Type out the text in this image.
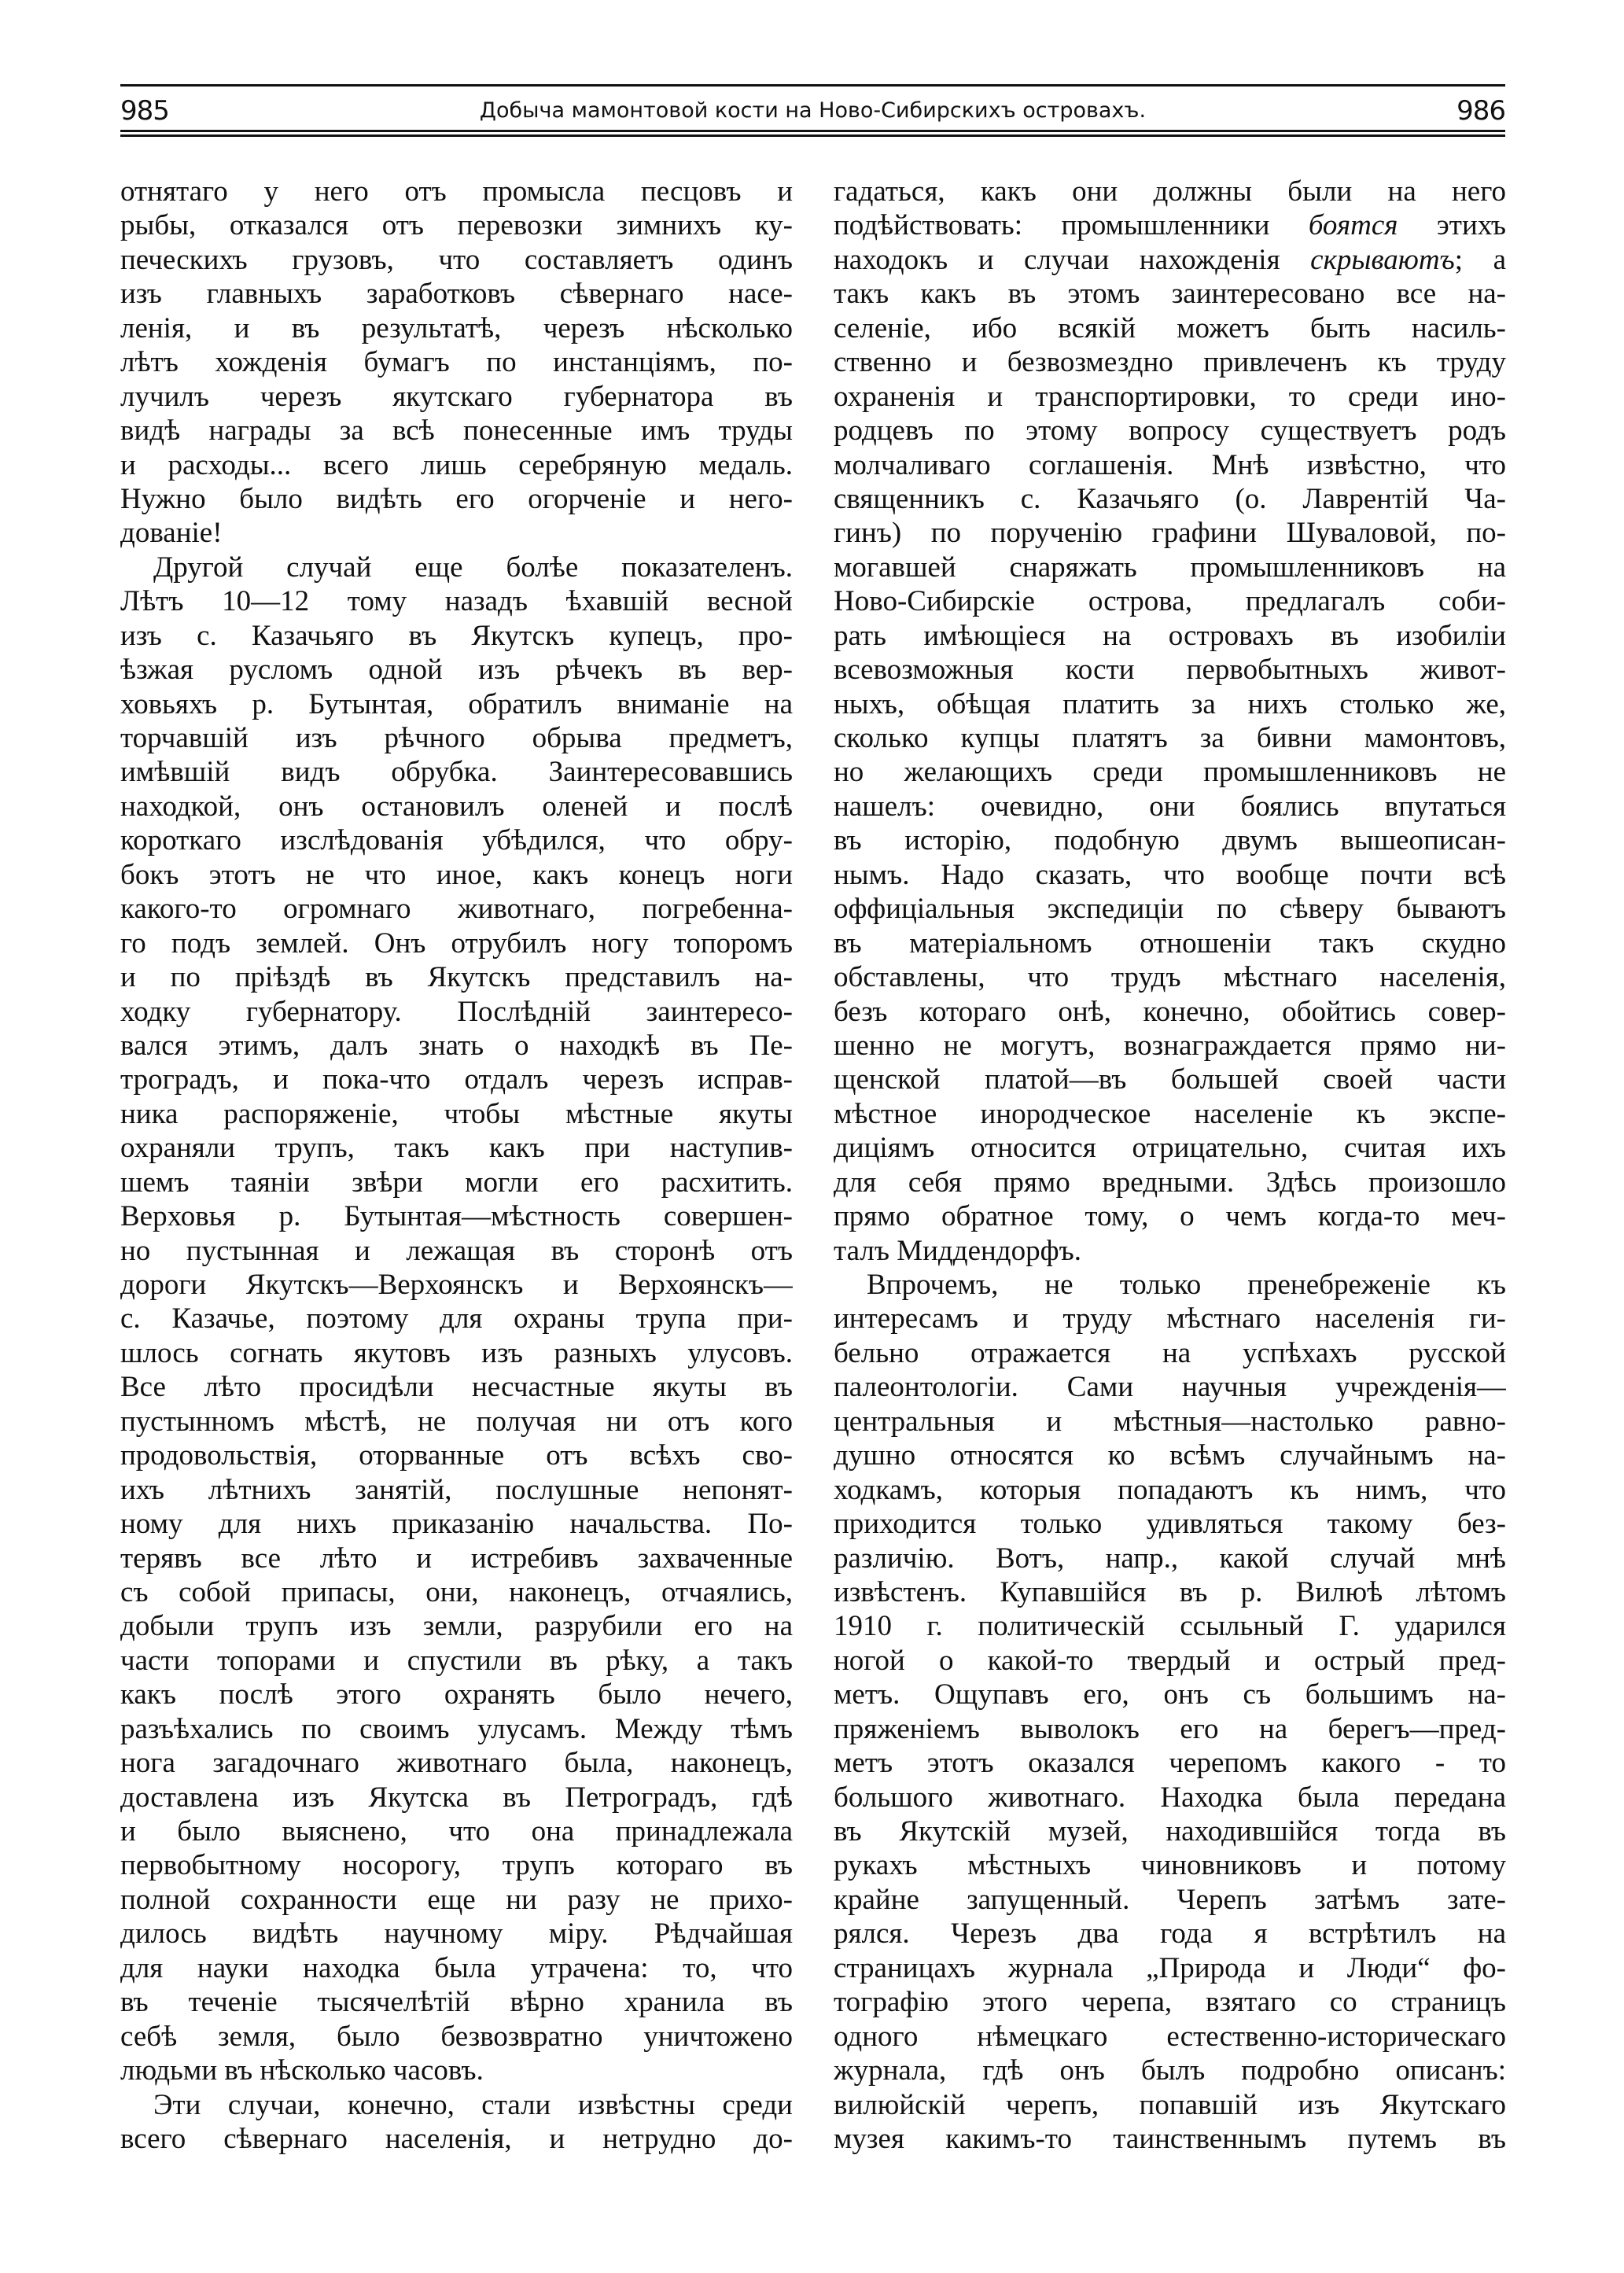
985	Добыча мамонтовой кости на Ново-Сибирскихъ островахъ.	986
отнятаго у него отъ промысла песцовъ и
рыбы, отказался отъ перевозки зимнихъ ку-
печескихъ грузовъ, что составляетъ одинъ
изъ главныхъ заработковъ сѣвернаго насе-
ленія, и въ результатѣ, черезъ нѣсколько
лѣтъ хожденія бумагъ по инстанціямъ, по-
лучилъ черезъ якутскаго губернатора въ
видѣ награды за всѣ понесенные имъ труды
и расходы... всего лишь серебряную медаль.
Нужно было видѣть его огорченіе и него-
дованіе!
Другой случай еще болѣе показателенъ.
Лѣтъ 10—12 тому назадъ ѣхавшій весной
изъ с. Казачьяго въ Якутскъ купецъ, про-
ѣзжая русломъ одной изъ рѣчекъ въ вер-
ховьяхъ р. Бутынтая, обратилъ вниманіе на
торчавшій изъ рѣчного обрыва предметъ,
имѣвшій видъ обрубка. Заинтересовавшись
находкой, онъ остановилъ оленей и послѣ
короткаго изслѣдованія убѣдился, что обру-
бокъ этотъ не что иное, какъ конецъ ноги
какого-то огромнаго животнаго, погребенна-
го подъ землей. Онъ отрубилъ ногу топоромъ
и по пріѣздѣ въ Якутскъ представилъ на-
ходку губернатору. Послѣдній заинтересо-
вался этимъ, далъ знать о находкѣ въ Пе-
троградъ, и пока-что отдалъ черезъ исправ-
ника распоряженіе, чтобы мѣстные якуты
охраняли трупъ, такъ какъ при наступив-
шемъ таяніи звѣри могли его расхитить.
Верховья р. Бутынтая—мѣстность совершен-
но пустынная и лежащая въ сторонѣ отъ
дороги Якутскъ—Верхоянскъ и Верхоянскъ—
с. Казачье, поэтому для охраны трупа при-
шлось согнать якутовъ изъ разныхъ улусовъ.
Все лѣто просидѣли несчастные якуты въ
пустынномъ мѣстѣ, не получая ни отъ кого
продовольствія, оторванные отъ всѣхъ сво-
ихъ лѣтнихъ занятій, послушные непонят-
ному для нихъ приказанію начальства. По-
терявъ все лѣто и истребивъ захваченные
съ собой припасы, они, наконецъ, отчаялись,
добыли трупъ изъ земли, разрубили его на
части топорами и спустили въ рѣку, а такъ
какъ послѣ этого охранять было нечего,
разъѣхались по своимъ улусамъ. Между тѣмъ
нога загадочнаго животнаго была, наконецъ,
доставлена изъ Якутска въ Петроградъ, гдѣ
и было выяснено, что она принадлежала
первобытному носорогу, трупъ котораго въ
полной сохранности еще ни разу не прихо-
дилось видѣть научному міру. Рѣдчайшая
для науки находка была утрачена: то, что
въ теченіе тысячелѣтій вѣрно хранила въ
себѣ земля, было безвозвратно уничтожено
людьми въ нѣсколько часовъ.
Эти случаи, конечно, стали извѣстны среди
всего сѣвернаго населенія, и нетрудно до-
гадаться, какъ они должны были на него
подѣйствовать: промышленники боятся этихъ
находокъ и случаи нахожденія скрываютъ; а
такъ какъ въ этомъ заинтересовано все на-
селеніе, ибо всякій можетъ быть насиль-
ственно и безвозмездно привлеченъ къ труду
охраненія и транспортировки, то среди ино-
родцевъ по этому вопросу существуетъ родъ
молчаливаго соглашенія. Мнѣ извѣстно, что
священникъ с. Казачьяго (о. Лаврентій Ча-
гинъ) по порученію графини Шуваловой, по-
могавшей снаряжать промышленниковъ на
Ново-Сибирскіе острова, предлагалъ соби-
рать имѣющіеся на островахъ въ изобиліи
всевозможныя кости первобытныхъ живот-
ныхъ, обѣщая платить за нихъ столько же,
сколько купцы платятъ за бивни мамонтовъ,
но желающихъ среди промышленниковъ не
нашелъ: очевидно, они боялись впутаться
въ исторію, подобную двумъ вышеописан-
нымъ. Надо сказать, что вообще почти всѣ
оффиціальныя экспедиціи по сѣверу бываютъ
въ матеріальномъ отношеніи такъ скудно
обставлены, что трудъ мѣстнаго населенія,
безъ котораго онѣ, конечно, обойтись совер-
шенно не могутъ, вознаграждается прямо ни-
щенской платой—въ большей своей части
мѣстное инородческое населеніе къ экспе-
диціямъ относится отрицательно, считая ихъ
для себя прямо вредными. Здѣсь произошло
прямо обратное тому, о чемъ когда-то меч-
талъ Миддендорфъ.
Впрочемъ, не только пренебреженіе къ
интересамъ и труду мѣстнаго населенія ги-
бельно отражается на успѣхахъ русской
палеонтологіи. Сами научныя учрежденія—
центральныя и мѣстныя—настолько равно-
душно относятся ко всѣмъ случайнымъ на-
ходкамъ, которыя попадаютъ къ нимъ, что
приходится только удивляться такому без-
различію. Вотъ, напр., какой случай мнѣ
извѣстенъ. Купавшійся въ р. Вилюѣ лѣтомъ
1910 г. политическій ссыльный Г. ударился
ногой о какой-то твердый и острый пред-
метъ. Ощупавъ его, онъ съ большимъ на-
пряженіемъ выволокъ его на берегъ—пред-
метъ этотъ оказался черепомъ какого - то
большого животнаго. Находка была передана
въ Якутскій музей, находившійся тогда въ
рукахъ мѣстныхъ чиновниковъ и потому
крайне запущенный. Черепъ затѣмъ зате-
рялся. Черезъ два года я встрѣтилъ на
страницахъ журнала „Природа и Люди“ фо-
тографію этого черепа, взятаго со страницъ
одного нѣмецкаго естественно-историческаго
журнала, гдѣ онъ былъ подробно описанъ:
вилюйскій черепъ, попавшій изъ Якутскаго
музея какимъ-то таинственнымъ путемъ въ
